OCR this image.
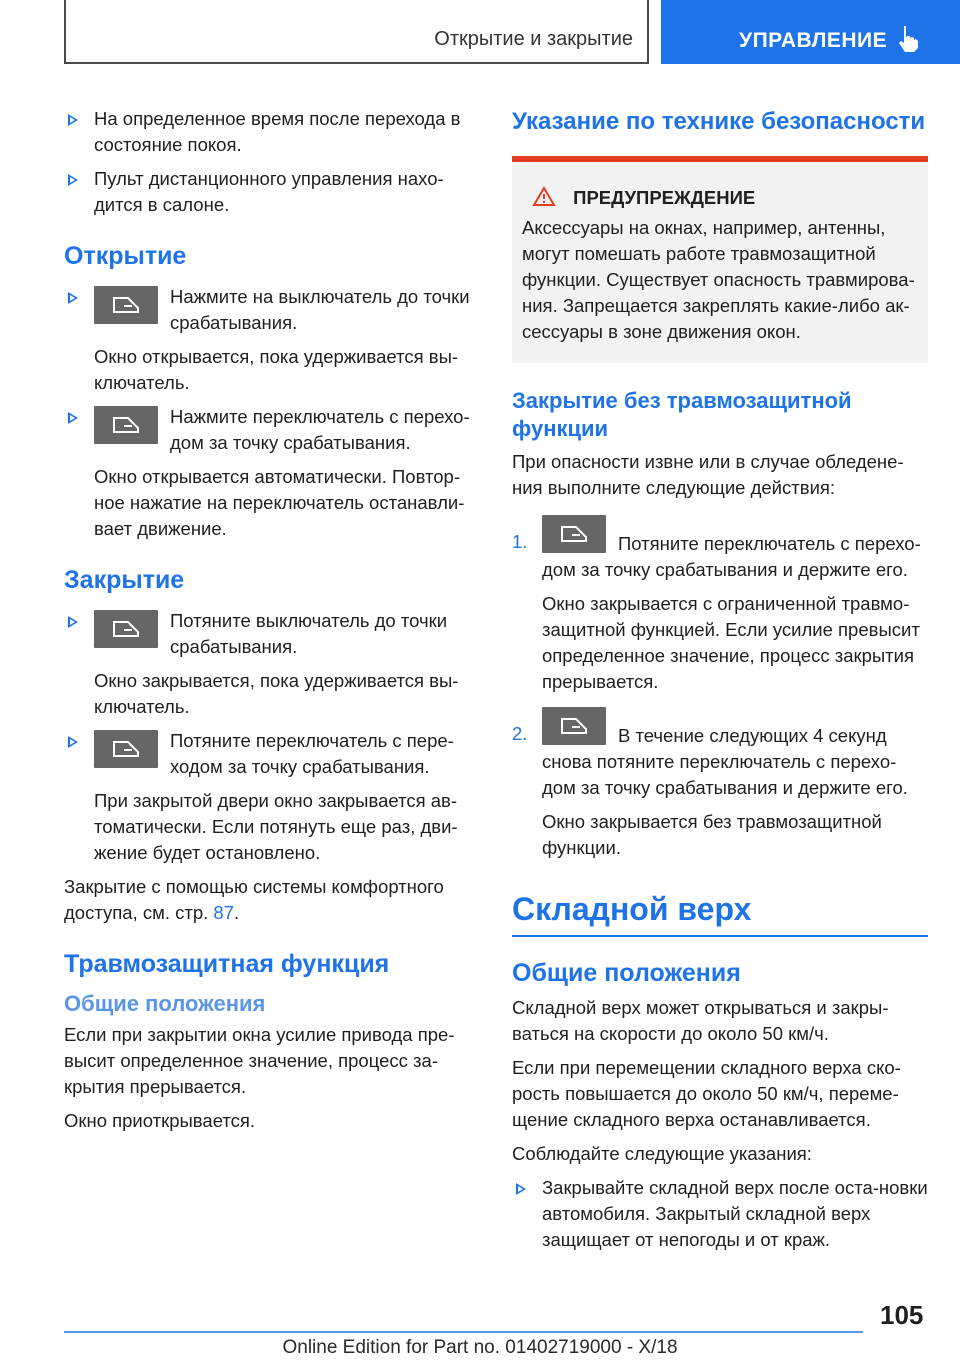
Открытие и закрытие	УПРАВЛЕНИЕ

На определенное время после перехода в состояние покоя.

Пульт дистанционного управления нахо-дится в салоне.

Открытие

Нажмите на выключатель до точки срабатывания.

Окно открывается, пока удерживается вы-ключатель.

Нажмите переключатель с перехо-дом за точку срабатывания.

Окно открывается автоматически. Повтор-ное нажатие на переключатель останавли-вает движение.

Закрытие

Потяните выключатель до точки срабатывания.

Окно закрывается, пока удерживается вы-ключатель.

Потяните переключатель с пере-ходом за точку срабатывания.

При закрытой двери окно закрывается ав-томатически. Если потянуть еще раз, дви-жение будет остановлено.

Закрытие с помощью системы комфортного доступа, см. стр. 87.

Травмозащитная функция
Общие положения

Если при закрытии окна усилие привода пре-высит определенное значение, процесс за-крытия прерывается.

Окно приоткрывается.

Указание по технике безопасности
ПРЕДУПРЕЖДЕНИЕ

Аксессуары на окнах, например, антенны, могут помешать работе травмозащитной функции. Существует опасность травмирова-ния. Запрещается закреплять какие-либо ак-сессуары в зоне движения окон.

Закрытие без травмозащитной функции

При опасности извне или в случае обледене-ния выполните следующие действия:

1.	Потяните переключатель с перехо-дом за точку срабатывания и держите его.

Окно закрывается с ограниченной травмо-защитной функцией. Если усилие превысит определенное значение, процесс закрытия прерывается.

2.	В течение следующих 4 секунд снова потяните переключатель с перехо-дом за точку срабатывания и держите его.

Окно закрывается без травмозащитной функции.

Складной верх
Общие положения

Складной верх может открываться и закры-ваться на скорости до около 50 км/ч.

Если при перемещении складного верха ско-рость повышается до около 50 км/ч, переме-щение складного верха останавливается.

Соблюдайте следующие указания:

Закрывайте складной верх после оста-новки автомобиля. Закрытый складной верх защищает от непогоды и от краж.

105
Online Edition for Part no. 01402719000 - X/18
